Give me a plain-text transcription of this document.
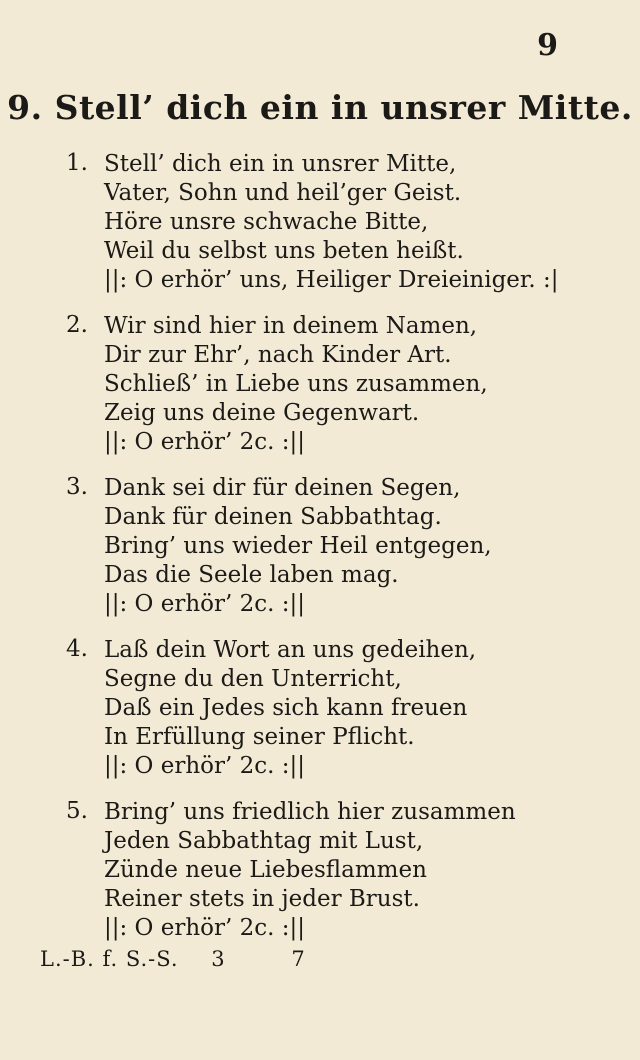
9
9. Stell’ dich ein in unsrer Mitte.
1. Stell’ dich ein in unsrer Mitte,
Vater, Sohn und heil’ger Geist.
Höre unsre schwache Bitte,
Weil du selbst uns beten heißt.
||: O erhör’ uns, Heiliger Dreieiniger. :|
2. Wir sind hier in deinem Namen,
Dir zur Ehr’, nach Kinder Art.
Schließ’ in Liebe uns zusammen,
Zeig uns deine Gegenwart.
||: O erhör’ 2c. :||
3. Dank sei dir für deinen Segen,
Dank für deinen Sabbathtag.
Bring’ uns wieder Heil entgegen,
Das die Seele laben mag.
||: O erhör’ 2c. :||
4. Laß dein Wort an uns gedeihen,
Segne du den Unterricht,
Daß ein Jedes sich kann freuen
In Erfüllung seiner Pflicht.
||: O erhör’ 2c. :||
5. Bring’ uns friedlich hier zusammen
Jeden Sabbathtag mit Lust,
Zünde neue Liebesflammen
Reiner stets in jeder Brust.
||: O erhör’ 2c. :||
L.-B. f. S.-S. 3	7
